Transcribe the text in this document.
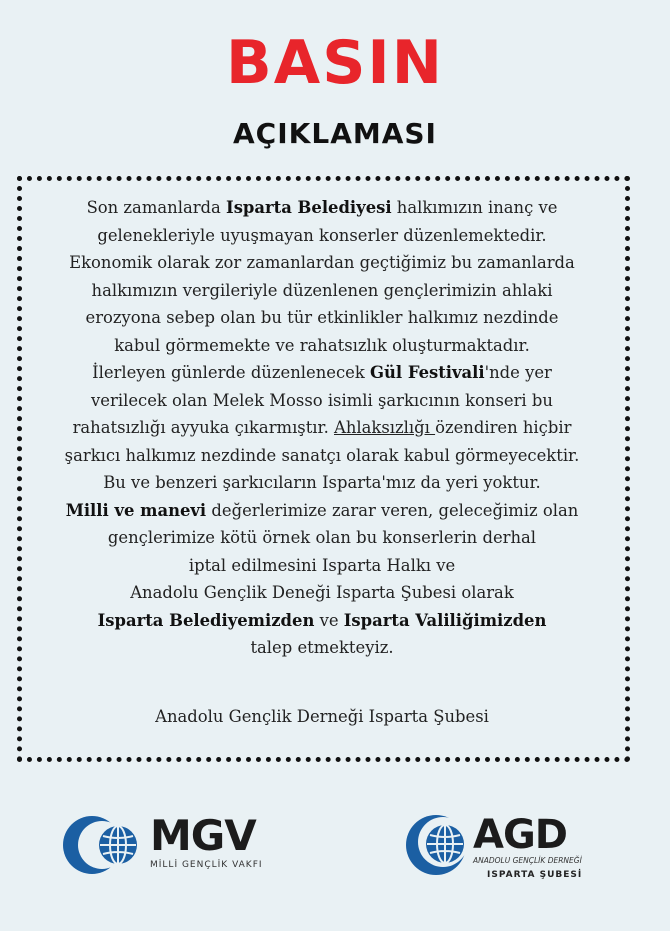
BASIN
AÇIKLAMASI
Son zamanlarda Isparta Belediyesi halkımızın inanç ve
gelenekleriyle uyuşmayan konserler düzenlemektedir.
Ekonomik olarak zor zamanlardan geçtiğimiz bu zamanlarda
halkımızın vergileriyle düzenlenen gençlerimizin ahlaki
erozyona sebep olan bu tür etkinlikler halkımız nezdinde
kabul görmemekte ve rahatsızlık oluşturmaktadır.
İlerleyen günlerde düzenlenecek Gül Festivali'nde yer
verilecek olan Melek Mosso isimli şarkıcının konseri bu
rahatsızlığı ayyuka çıkarmıştır. Ahlaksızlığı özendiren hiçbir
şarkıcı halkımız nezdinde sanatçı olarak kabul görmeyecektir.
Bu ve benzeri şarkıcıların Isparta'mız da yeri yoktur.
Milli ve manevi değerlerimize zarar veren, geleceğimiz olan
gençlerimize kötü örnek olan bu konserlerin derhal
iptal edilmesini Isparta Halkı ve
Anadolu Gençlik Deneği Isparta Şubesi olarak
Isparta Belediyemizden ve Isparta Valiliğimizden
talep etmekteyiz.
Anadolu Gençlik Derneği Isparta Şubesi
MGV
MİLLİ GENÇLİK VAKFI
AGD
ANADOLU GENÇLİK DERNEĞİ
ISPARTA ŞUBESİ
